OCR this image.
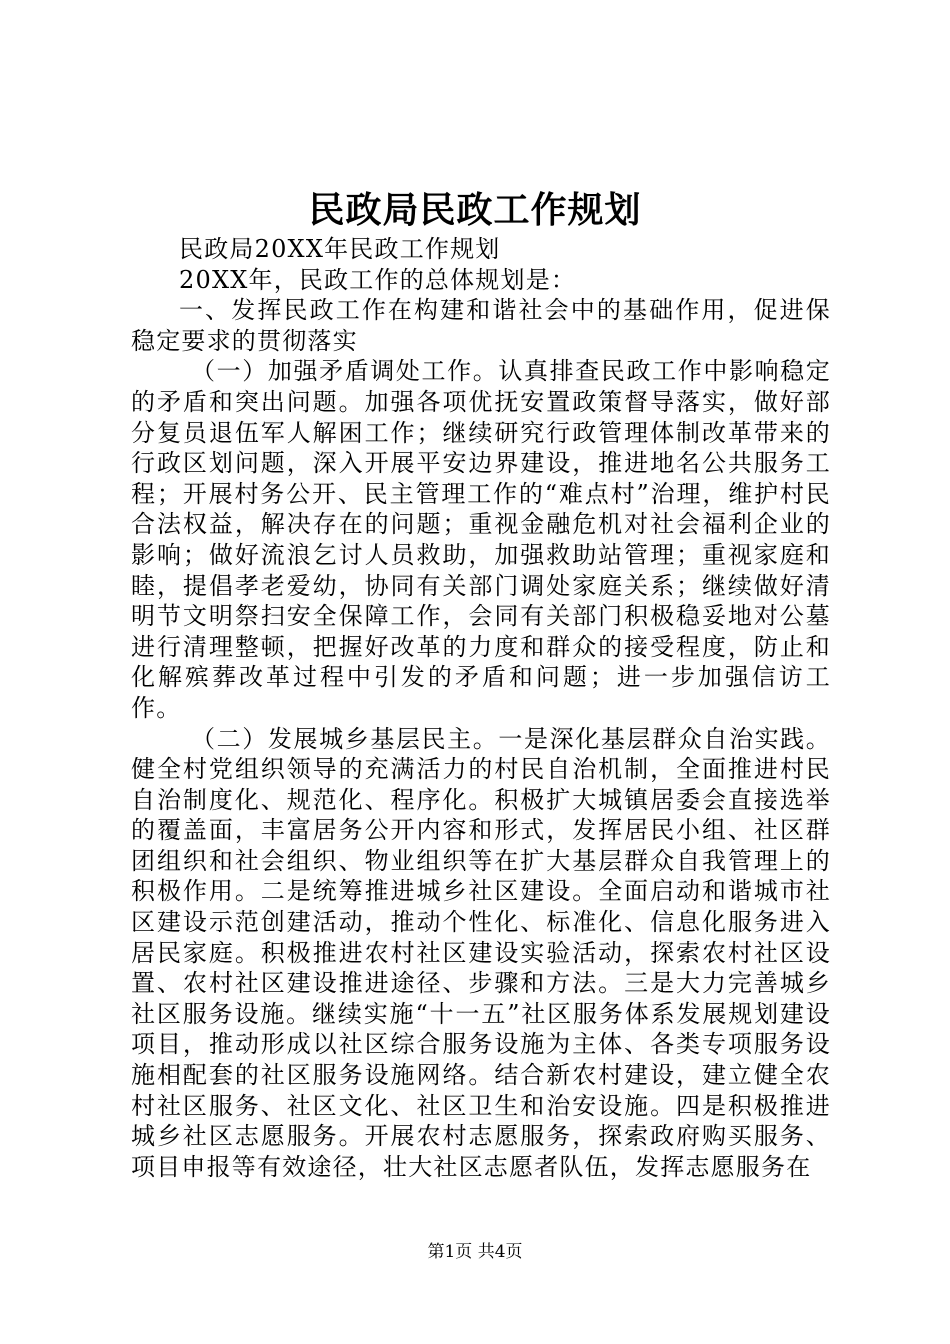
民政局民政工作规划

民政局20XX年民政工作规划

20XX年，民政工作的总体规划是：

一、发挥民政工作在构建和谐社会中的基础作用，促进保稳定要求的贯彻落实

（一）加强矛盾调处工作。认真排查民政工作中影响稳定的矛盾和突出问题。加强各项优抚安置政策督导落实，做好部分复员退伍军人解困工作；继续研究行政管理体制改革带来的行政区划问题，深入开展平安边界建设，推进地名公共服务工程；开展村务公开、民主管理工作的“难点村”治理，维护村民合法权益，解决存在的问题；重视金融危机对社会福利企业的影响；做好流浪乞讨人员救助，加强救助站管理；重视家庭和睦，提倡孝老爱幼，协同有关部门调处家庭关系；继续做好清明节文明祭扫安全保障工作，会同有关部门积极稳妥地对公墓进行清理整顿，把握好改革的力度和群众的接受程度，防止和化解殡葬改革过程中引发的矛盾和问题；进一步加强信访工作。

（二）发展城乡基层民主。一是深化基层群众自治实践。健全村党组织领导的充满活力的村民自治机制，全面推进村民自治制度化、规范化、程序化。积极扩大城镇居委会直接选举的覆盖面，丰富居务公开内容和形式，发挥居民小组、社区群团组织和社会组织、物业组织等在扩大基层群众自我管理上的积极作用。二是统筹推进城乡社区建设。全面启动和谐城市社区建设示范创建活动，推动个性化、标准化、信息化服务进入居民家庭。积极推进农村社区建设实验活动，探索农村社区设置、农村社区建设推进途径、步骤和方法。三是大力完善城乡社区服务设施。继续实施“十一五”社区服务体系发展规划建设项目，推动形成以社区综合服务设施为主体、各类专项服务设施相配套的社区服务设施网络。结合新农村建设，建立健全农村社区服务、社区文化、社区卫生和治安设施。四是积极推进城乡社区志愿服务。开展农村志愿服务，探索政府购买服务、项目申报等有效途径，壮大社区志愿者队伍，发挥志愿服务在

第1页 共4页
